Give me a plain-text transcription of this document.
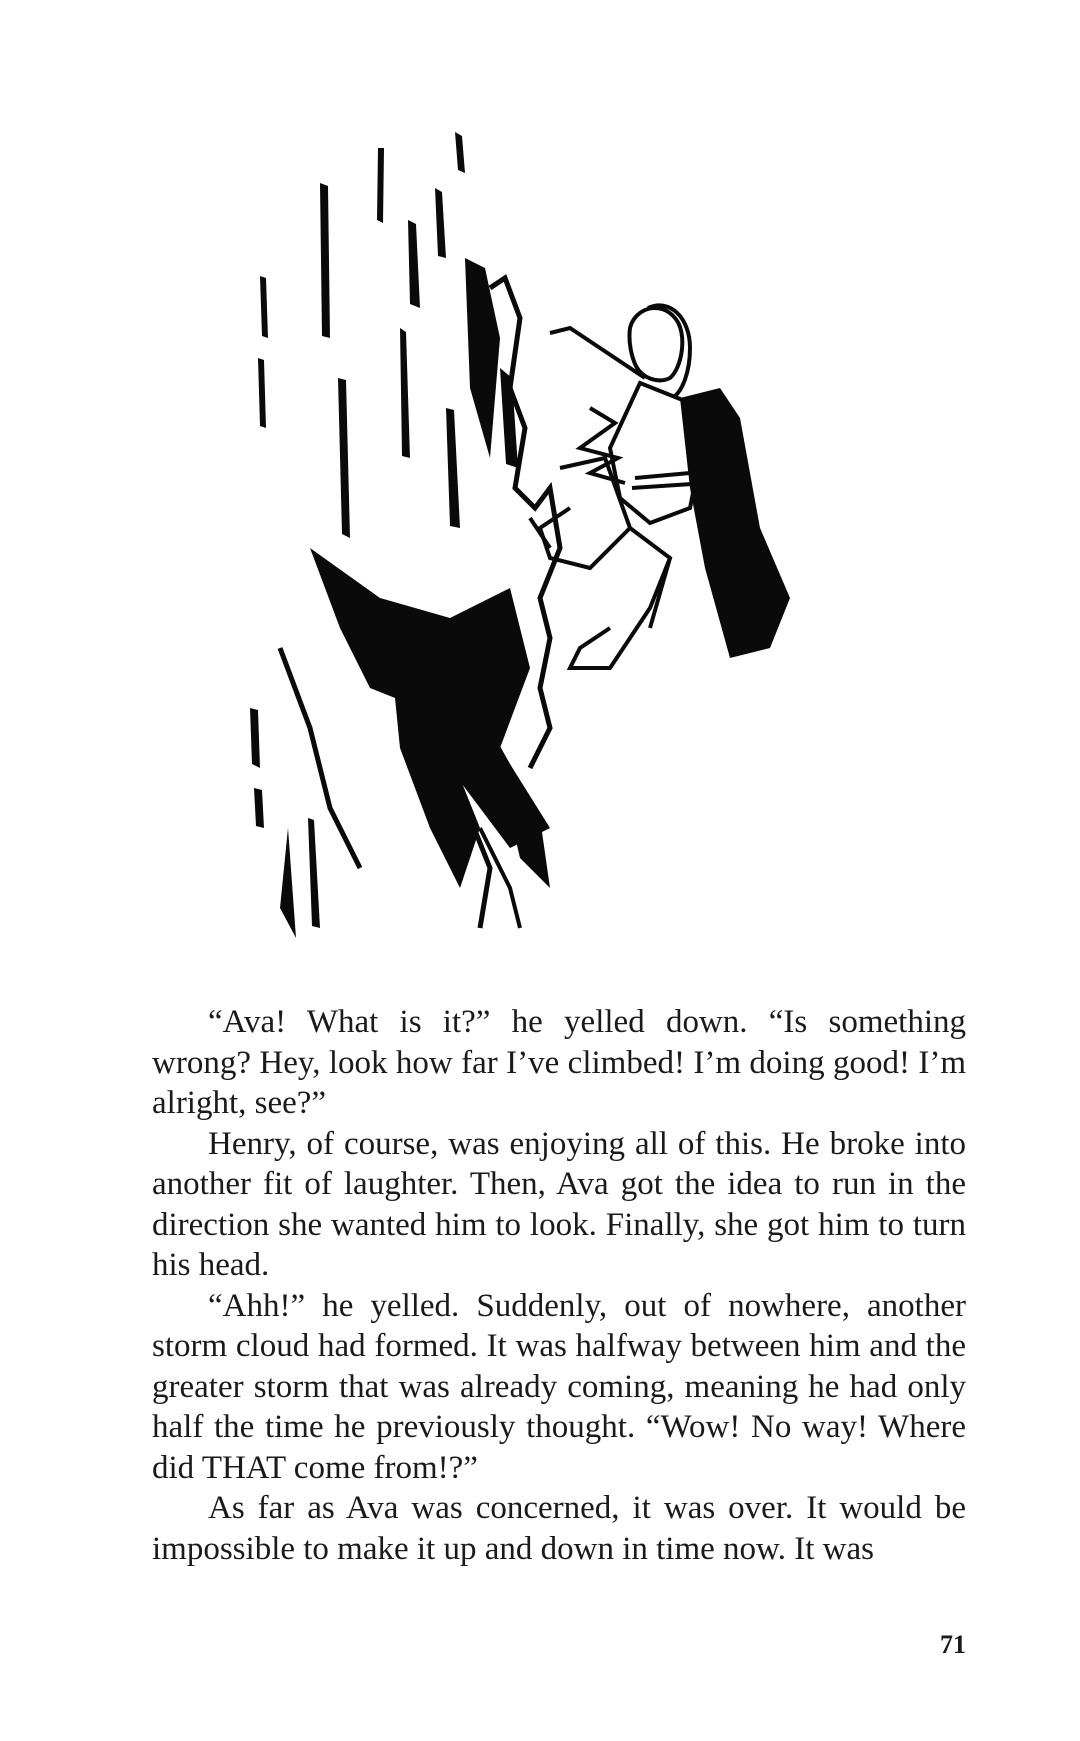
“Ava! What is it?” he yelled down. “Is something wrong? Hey, look how far I’ve climbed! I’m doing good! I’m alright, see?”

Henry, of course, was enjoying all of this. He broke into another fit of laughter. Then, Ava got the idea to run in the direction she wanted him to look. Finally, she got him to turn his head.

“Ahh!” he yelled. Suddenly, out of nowhere, another storm cloud had formed. It was halfway between him and the greater storm that was already coming, meaning he had only half the time he previously thought. “Wow! No way! Where did THAT come from!?”

As far as Ava was concerned, it was over. It would be impossible to make it up and down in time now. It was

71
